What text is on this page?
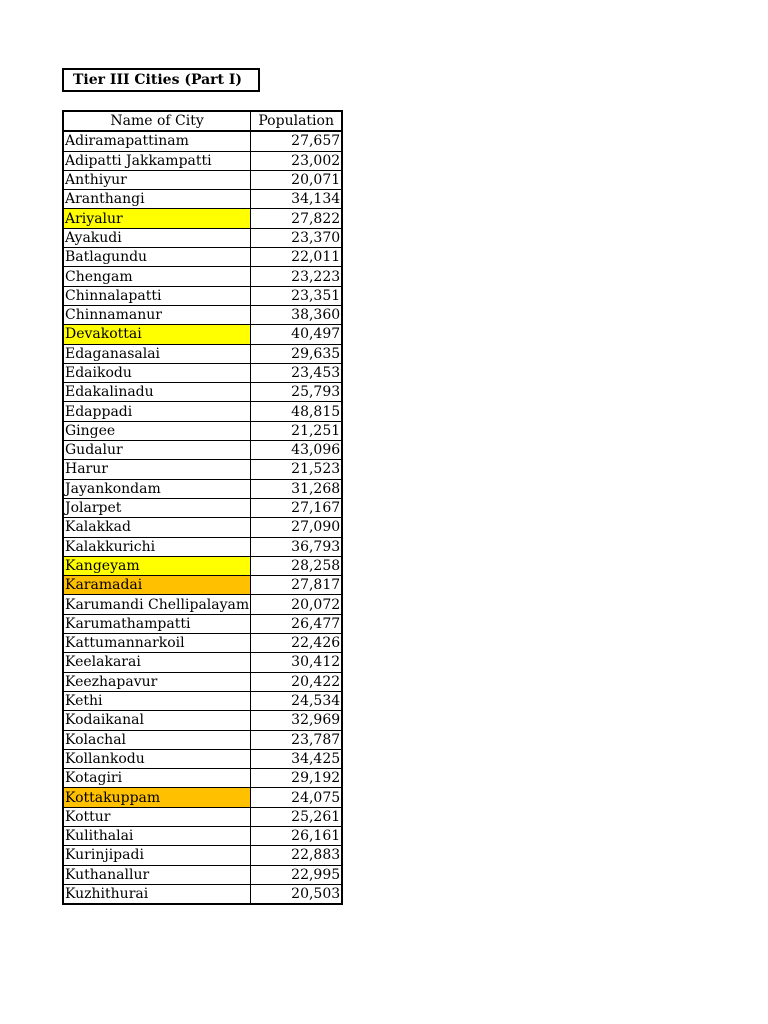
Tier III Cities (Part I)
Name of City	Population
Adiramapattinam	27,657
Adipatti Jakkampatti	23,002
Anthiyur	20,071
Aranthangi	34,134
Ariyalur	27,822
Ayakudi	23,370
Batlagundu	22,011
Chengam	23,223
Chinnalapatti	23,351
Chinnamanur	38,360
Devakottai	40,497
Edaganasalai	29,635
Edaikodu	23,453
Edakalinadu	25,793
Edappadi	48,815
Gingee	21,251
Gudalur	43,096
Harur	21,523
Jayankondam	31,268
Jolarpet	27,167
Kalakkad	27,090
Kalakkurichi	36,793
Kangeyam	28,258
Karamadai	27,817
Karumandi Chellipalayam	20,072
Karumathampatti	26,477
Kattumannarkoil	22,426
Keelakarai	30,412
Keezhapavur	20,422
Kethi	24,534
Kodaikanal	32,969
Kolachal	23,787
Kollankodu	34,425
Kotagiri	29,192
Kottakuppam	24,075
Kottur	25,261
Kulithalai	26,161
Kurinjipadi	22,883
Kuthanallur	22,995
Kuzhithurai	20,503
